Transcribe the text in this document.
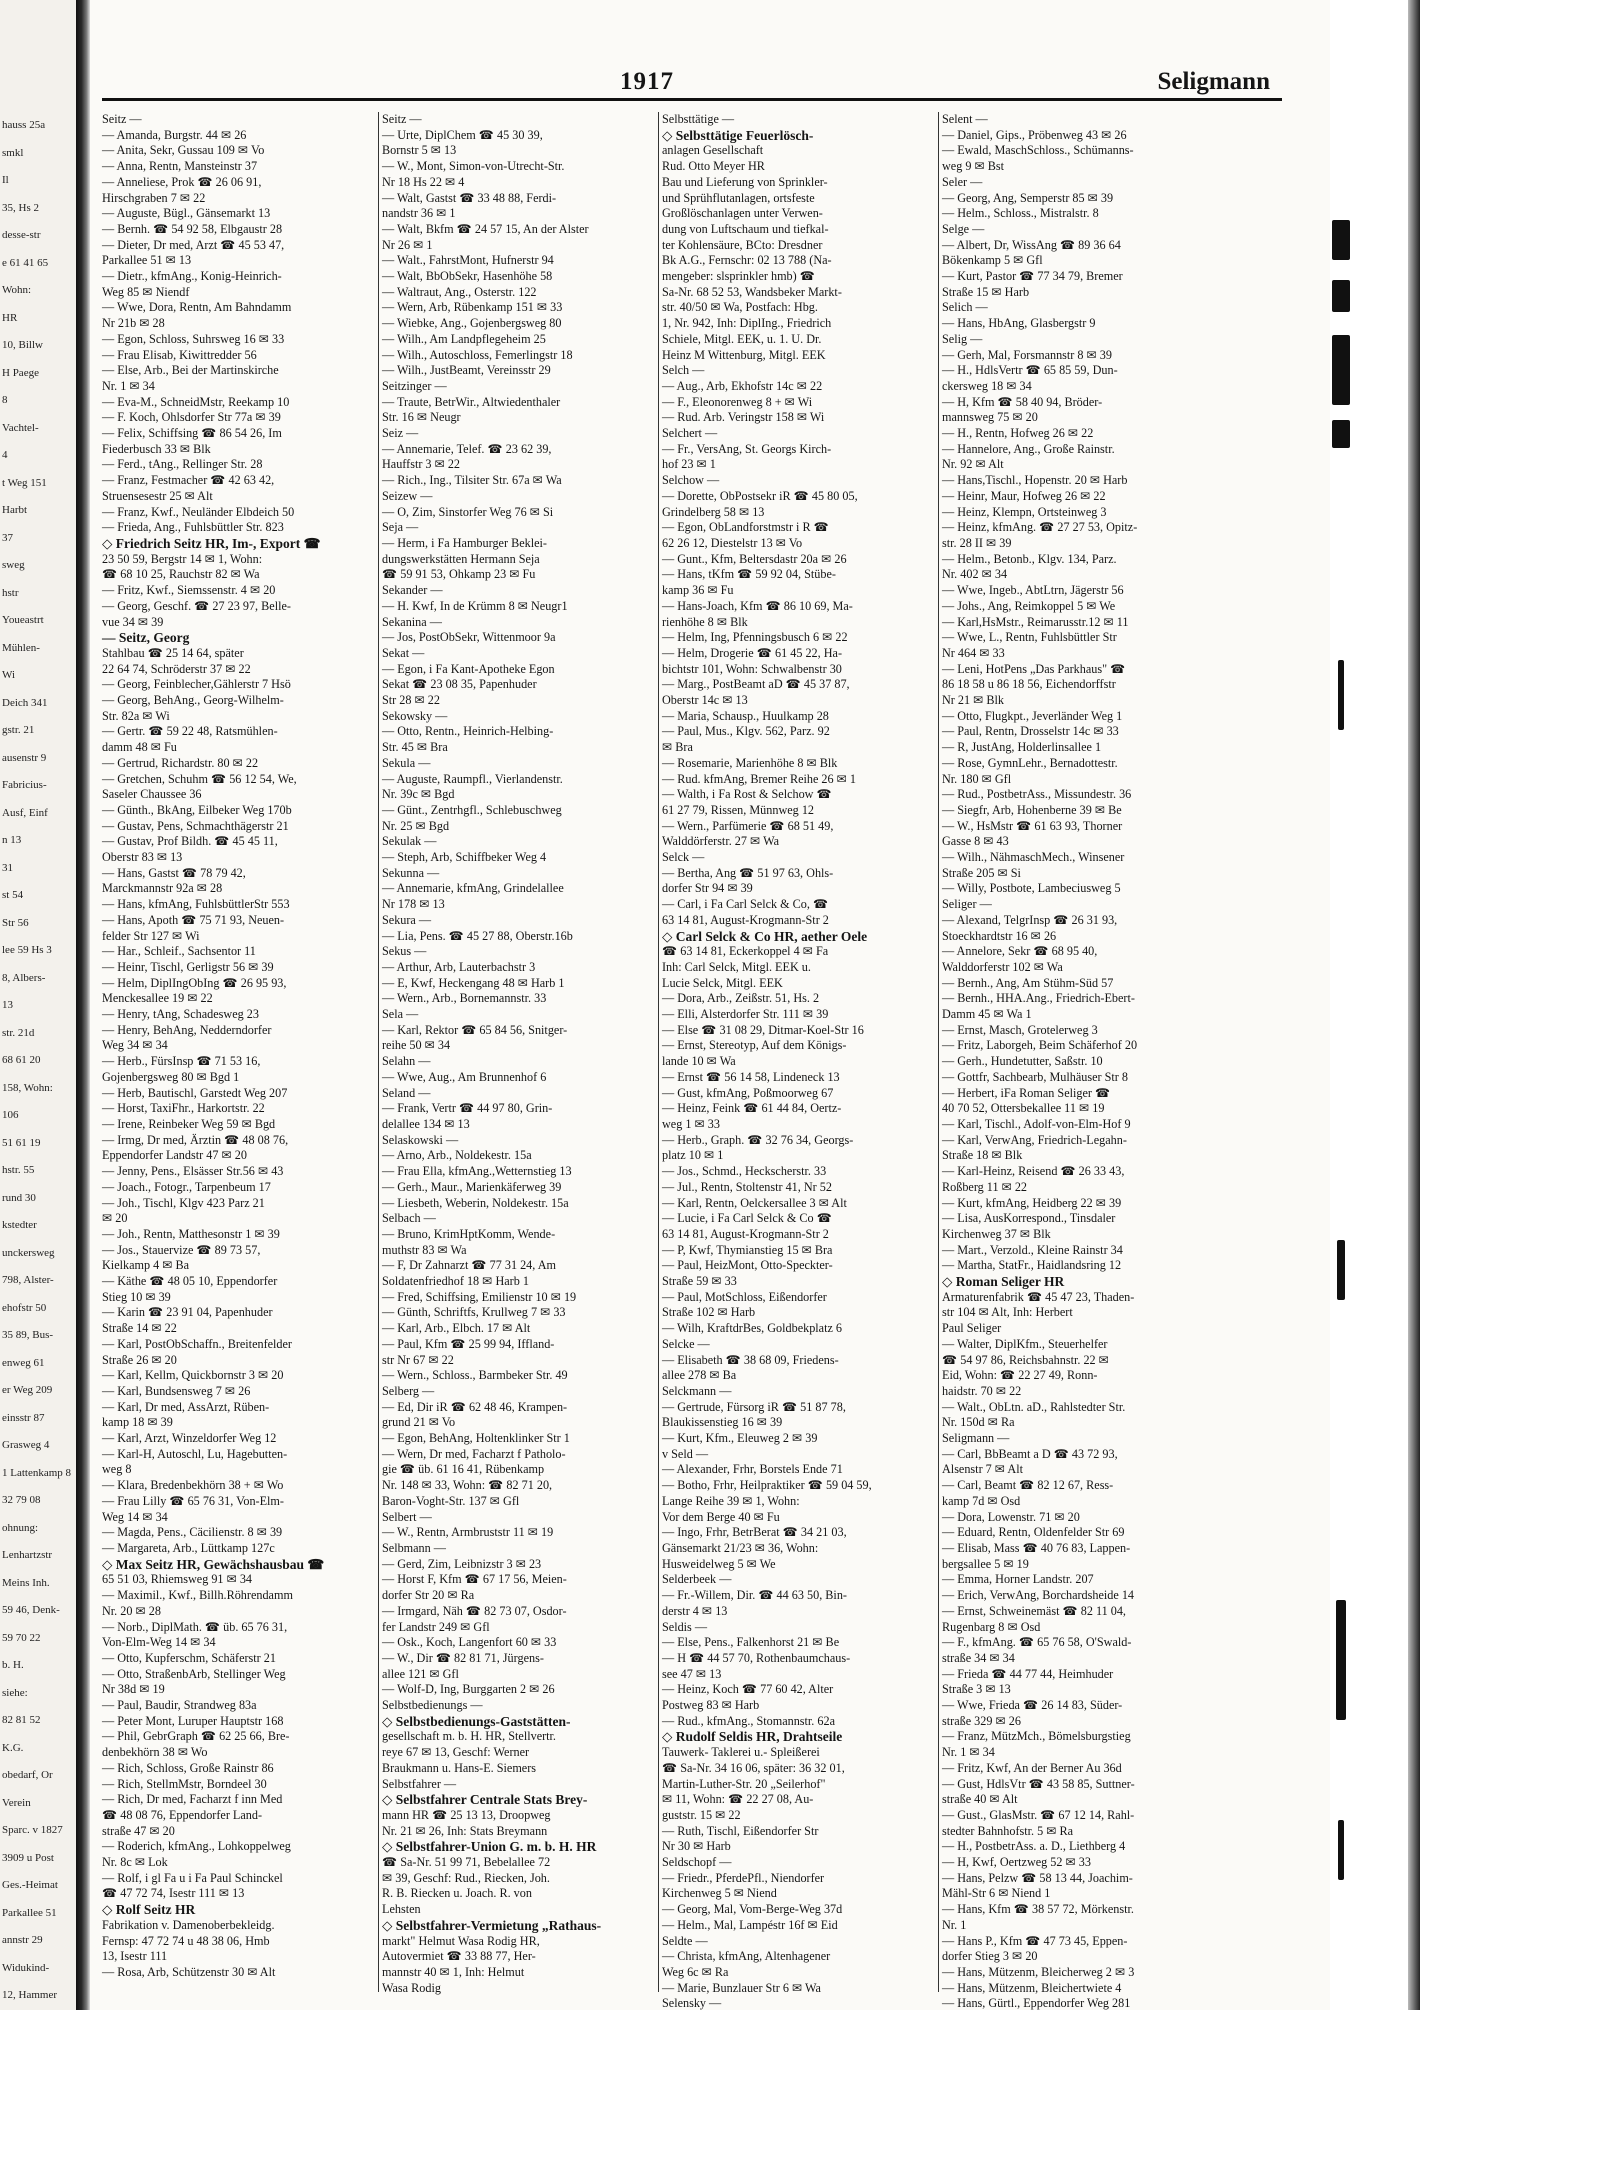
hauss 25a
smkl
Il
35, Hs 2
desse-str
e 61 41 65
Wohn:
HR
10, Billw
H Paege
8
Vachtel-
4
t Weg 151
Harbt
37
sweg
hstr
Youeastrt
Mühlen-
Wi
Deich 341
gstr. 21
ausenstr 9
Fabricius-
Ausf, Einf
n 13
31
st 54
Str 56
lee 59 Hs 3
8, Albers-
13
str. 21d
68 61 20
158, Wohn:
106
51 61 19
hstr. 55
rund 30
kstedter
unckersweg
798, Alster-
ehofstr 50
35 89, Bus-
enweg 61
er Weg 209
einsstr 87
Grasweg 4
1 Lattenkamp 8
32 79 08
ohnung:
Lenhartzstr
Meins Inh.
59 46, Denk-
59 70 22
b. H.
siehe:
82 81 52
K.G.
obedarf, Or
Verein
Sparc. v 1827
3909 u Post
Ges.-Heimat
Parkallee 51
annstr 29
Widukind-
12, Hammer
1917	Seligmann
Seitz —
— Amanda, Burgstr. 44 ✉ 26
— Anita, Sekr, Gussau 109 ✉ Vo
— Anna, Rentn, Mansteinstr 37
— Anneliese, Prok ☎ 26 06 91,
Hirschgraben 7 ✉ 22
— Auguste, Bügl., Gänsemarkt 13
— Bernh. ☎ 54 92 58, Elbgaustr 28
— Dieter, Dr med, Arzt ☎ 45 53 47,
Parkallee 51 ✉ 13
— Dietr., kfmAng., Konig-Heinrich-
Weg 85 ✉ Niendf
— Wwe, Dora, Rentn, Am Bahndamm
Nr 21b ✉ 28
— Egon, Schloss, Suhrsweg 16 ✉ 33
— Frau Elisab, Kiwittredder 56
— Else, Arb., Bei der Martinskirche
Nr. 1 ✉ 34
— Eva-M., SchneidMstr, Reekamp 10
— F. Koch, Ohlsdorfer Str 77a ✉ 39
— Felix, Schiffsing ☎ 86 54 26, Im
Fiederbusch 33 ✉ Blk
— Ferd., tAng., Rellinger Str. 28
— Franz, Festmacher ☎ 42 63 42,
Struensesestr 25 ✉ Alt
— Franz, Kwf., Neuländer Elbdeich 50
— Frieda, Ang., Fuhlsbüttler Str. 823
◇ Friedrich Seitz HR, Im-, Export ☎
23 50 59, Bergstr 14 ✉ 1, Wohn:
☎ 68 10 25, Rauchstr 82 ✉ Wa
— Fritz, Kwf., Siemssenstr. 4 ✉ 20
— Georg, Geschf. ☎ 27 23 97, Belle-
vue 34 ✉ 39
— Seitz, Georg
Stahlbau ☎ 25 14 64, später
22 64 74, Schröderstr 37 ✉ 22
— Georg, Feinblecher,Gählerstr 7 Hsö
— Georg, BehAng., Georg-Wilhelm-
Str. 82a ✉ Wi
— Gertr. ☎ 59 22 48, Ratsmühlen-
damm 48 ✉ Fu
— Gertrud, Richardstr. 80 ✉ 22
— Gretchen, Schuhm ☎ 56 12 54, We,
Saseler Chaussee 36
— Günth., BkAng, Eilbeker Weg 170b
— Gustav, Pens, Schmachthägerstr 21
— Gustav, Prof Bildh. ☎ 45 45 11,
Oberstr 83 ✉ 13
— Hans, Gastst ☎ 78 79 42,
Marckmannstr 92a ✉ 28
— Hans, kfmAng, FuhlsbüttlerStr 553
— Hans, Apoth ☎ 75 71 93, Neuen-
felder Str 127 ✉ Wi
— Har., Schleif., Sachsentor 11
— Heinr, Tischl, Gerligstr 56 ✉ 39
— Helm, DiplIngObIng ☎ 26 95 93,
Menckesallee 19 ✉ 22
— Henry, tAng, Schadesweg 23
— Henry, BehAng, Nedderndorfer
Weg 34 ✉ 34
— Herb., FürsInsp ☎ 71 53 16,
Gojenbergsweg 80 ✉ Bgd 1
— Herb, Bautischl, Garstedt Weg 207
— Horst, TaxiFhr., Harkortstr. 22
— Irene, Reinbeker Weg 59 ✉ Bgd
— Irmg, Dr med, Ärztin ☎ 48 08 76,
Eppendorfer Landstr 47 ✉ 20
— Jenny, Pens., Elsässer Str.56 ✉ 43
— Joach., Fotogr., Tarpenbeum 17
— Joh., Tischl, Klgv 423 Parz 21
✉ 20
— Joh., Rentn, Matthesonstr 1 ✉ 39
— Jos., Stauervize ☎ 89 73 57,
Kielkamp 4 ✉ Ba
— Käthe ☎ 48 05 10, Eppendorfer
Stieg 10 ✉ 39
— Karin ☎ 23 91 04, Papenhuder
Straße 14 ✉ 22
— Karl, PostObSchaffn., Breitenfelder
Straße 26 ✉ 20
— Karl, Kellm, Quickbornstr 3 ✉ 20
— Karl, Bundsensweg 7 ✉ 26
— Karl, Dr med, AssArzt, Rüben-
kamp 18 ✉ 39
— Karl, Arzt, Winzeldorfer Weg 12
— Karl-H, Autoschl, Lu, Hagebutten-
weg 8
— Klara, Bredenbekhörn 38 + ✉ Wo
— Frau Lilly ☎ 65 76 31, Von-Elm-
Weg 14 ✉ 34
— Magda, Pens., Cäcilienstr. 8 ✉ 39
— Margareta, Arb., Lüttkamp 127c
◇ Max Seitz HR, Gewächshausbau ☎
65 51 03, Rhiemsweg 91 ✉ 34
— Maximil., Kwf., Billh.Röhrendamm
Nr. 20 ✉ 28
— Norb., DiplMath. ☎ üb. 65 76 31,
Von-Elm-Weg 14 ✉ 34
— Otto, Kupferschm, Schäferstr 21
— Otto, StraßenbArb, Stellinger Weg
Nr 38d ✉ 19
— Paul, Baudir, Strandweg 83a
— Peter Mont, Luruper Hauptstr 168
— Phil, GebrGraph ☎ 62 25 66, Bre-
denbekhörn 38 ✉ Wo
— Rich, Schloss, Große Rainstr 86
— Rich, StellmMstr, Borndeel 30
— Rich, Dr med, Facharzt f inn Med
☎ 48 08 76, Eppendorfer Land-
straße 47 ✉ 20
— Roderich, kfmAng., Lohkoppelweg
Nr. 8c ✉ Lok
— Rolf, i gl Fa u i Fa Paul Schinckel
☎ 47 72 74, Isestr 111 ✉ 13
◇ Rolf Seitz HR
Fabrikation v. Damenoberbekleidg.
Fernsp: 47 72 74 u 48 38 06, Hmb
13, Isestr 111
— Rosa, Arb, Schützenstr 30 ✉ Alt
Seitz —
— Urte, DiplChem ☎ 45 30 39,
Bornstr 5 ✉ 13
— W., Mont, Simon-von-Utrecht-Str.
Nr 18 Hs 22 ✉ 4
— Walt, Gastst ☎ 33 48 88, Ferdi-
nandstr 36 ✉ 1
— Walt, Bkfm ☎ 24 57 15, An der Alster
Nr 26 ✉ 1
— Walt., FahrstMont, Hufnerstr 94
— Walt, BbObSekr, Hasenhöhe 58
— Waltraut, Ang., Osterstr. 122
— Wern, Arb, Rübenkamp 151 ✉ 33
— Wiebke, Ang., Gojenbergsweg 80
— Wilh., Am Landpflegeheim 25
— Wilh., Autoschloss, Femerlingstr 18
— Wilh., JustBeamt, Vereinsstr 29
Seitzinger —
— Traute, BetrWir., Altwiedenthaler
Str. 16 ✉ Neugr
Seiz —
— Annemarie, Telef. ☎ 23 62 39,
Hauffstr 3 ✉ 22
— Rich., Ing., Tilsiter Str. 67a ✉ Wa
Seizew —
— O, Zim, Sinstorfer Weg 76 ✉ Si
Seja —
— Herm, i Fa Hamburger Beklei-
dungswerkstätten Hermann Seja
☎ 59 91 53, Ohkamp 23 ✉ Fu
Sekander —
— H. Kwf, In de Krümm 8 ✉ Neugr1
Sekanina —
— Jos, PostObSekr, Wittenmoor 9a
Sekat —
— Egon, i Fa Kant-Apotheke Egon
Sekat ☎ 23 08 35, Papenhuder
Str 28 ✉ 22
Sekowsky —
— Otto, Rentn., Heinrich-Helbing-
Str. 45 ✉ Bra
Sekula —
— Auguste, Raumpfl., Vierlandenstr.
Nr. 39c ✉ Bgd
— Günt., Zentrhgfl., Schlebuschweg
Nr. 25 ✉ Bgd
Sekulak —
— Steph, Arb, Schiffbeker Weg 4
Sekunna —
— Annemarie, kfmAng, Grindelallee
Nr 178 ✉ 13
Sekura —
— Lia, Pens. ☎ 45 27 88, Oberstr.16b
Sekus —
— Arthur, Arb, Lauterbachstr 3
— E, Kwf, Heckengang 48 ✉ Harb 1
— Wern., Arb., Bornemannstr. 33
Sela —
— Karl, Rektor ☎ 65 84 56, Snitger-
reihe 50 ✉ 34
Selahn —
— Wwe, Aug., Am Brunnenhof 6
Seland —
— Frank, Vertr ☎ 44 97 80, Grin-
delallee 134 ✉ 13
Selaskowski —
— Arno, Arb., Noldekestr. 15a
— Frau Ella, kfmAng.,Wetternstieg 13
— Gerh., Maur., Marienkäferweg 39
— Liesbeth, Weberin, Noldekestr. 15a
Selbach —
— Bruno, KrimHptKomm, Wende-
muthstr 83 ✉ Wa
— F, Dr Zahnarzt ☎ 77 31 24, Am
Soldatenfriedhof 18 ✉ Harb 1
— Fred, Schiffsing, Emilienstr 10 ✉ 19
— Günth, Schriftfs, Krullweg 7 ✉ 33
— Karl, Arb., Elbch. 17 ✉ Alt
— Paul, Kfm ☎ 25 99 94, Iffland-
str Nr 67 ✉ 22
— Wern., Schloss., Barmbeker Str. 49
Selberg —
— Ed, Dir iR ☎ 62 48 46, Krampen-
grund 21 ✉ Vo
— Egon, BehAng, Holtenklinker Str 1
— Wern, Dr med, Facharzt f Patholo-
gie ☎ üb. 61 16 41, Rübenkamp
Nr. 148 ✉ 33, Wohn: ☎ 82 71 20,
Baron-Voght-Str. 137 ✉ Gfl
Selbert —
— W., Rentn, Armbruststr 11 ✉ 19
Selbmann —
— Gerd, Zim, Leibnizstr 3 ✉ 23
— Horst F, Kfm ☎ 67 17 56, Meien-
dorfer Str 20 ✉ Ra
— Irmgard, Näh ☎ 82 73 07, Osdor-
fer Landstr 249 ✉ Gfl
— Osk., Koch, Langenfort 60 ✉ 33
— W., Dir ☎ 82 81 71, Jürgens-
allee 121 ✉ Gfl
— Wolf-D, Ing, Burggarten 2 ✉ 26
Selbstbedienungs —
◇ Selbstbedienungs-Gaststätten-
gesellschaft m. b. H. HR, Stellvertr.
reye 67 ✉ 13, Geschf: Werner
Braukmann u. Hans-E. Siemers
Selbstfahrer —
◇ Selbstfahrer Centrale Stats Brey-
mann HR ☎ 25 13 13, Droopweg
Nr. 21 ✉ 26, Inh: Stats Breymann
◇ Selbstfahrer-Union G. m. b. H. HR
☎ Sa-Nr. 51 99 71, Bebelallee 72
✉ 39, Geschf: Rud., Riecken, Joh.
R. B. Riecken u. Joach. R. von
Lehsten
◇ Selbstfahrer-Vermietung „Rathaus-
markt" Helmut Wasa Rodig HR,
Autovermiet ☎ 33 88 77, Her-
mannstr 40 ✉ 1, Inh: Helmut
Wasa Rodig
Selbsttätige —
◇ Selbsttätige Feuerlösch-
anlagen Gesellschaft
Rud. Otto Meyer HR
Bau und Lieferung von Sprinkler-
und Sprühflutanlagen, ortsfeste
Großlöschanlagen unter Verwen-
dung von Luftschaum und tiefkal-
ter Kohlensäure, BCto: Dresdner
Bk A.G., Fernschr: 02 13 788 (Na-
mengeber: slsprinkler hmb) ☎
Sa-Nr. 68 52 53, Wandsbeker Markt-
str. 40/50 ✉ Wa, Postfach: Hbg.
1, Nr. 942, Inh: DiplIng., Friedrich
Schiele, Mitgl. EEK, u. 1. U. Dr.
Heinz M Wittenburg, Mitgl. EEK
Selch —
— Aug., Arb, Ekhofstr 14c ✉ 22
— F., Eleonorenweg 8 + ✉ Wi
— Rud. Arb. Veringstr 158 ✉ Wi
Selchert —
— Fr., VersAng, St. Georgs Kirch-
hof 23 ✉ 1
Selchow —
— Dorette, ObPostsekr iR ☎ 45 80 05,
Grindelberg 58 ✉ 13
— Egon, ObLandforstmstr i R ☎
62 26 12, Diestelstr 13 ✉ Vo
— Gunt., Kfm, Beltersdastr 20a ✉ 26
— Hans, tKfm ☎ 59 92 04, Stübe-
kamp 36 ✉ Fu
— Hans-Joach, Kfm ☎ 86 10 69, Ma-
rienhöhe 8 ✉ Blk
— Helm, Ing, Pfenningsbusch 6 ✉ 22
— Helm, Drogerie ☎ 61 45 22, Ha-
bichtstr 101, Wohn: Schwalbenstr 30
— Marg., PostBeamt aD ☎ 45 37 87,
Oberstr 14c ✉ 13
— Maria, Schausp., Huulkamp 28
— Paul, Mus., Klgv. 562, Parz. 92
✉ Bra
— Rosemarie, Marienhöhe 8 ✉ Blk
— Rud. kfmAng, Bremer Reihe 26 ✉ 1
— Walth, i Fa Rost & Selchow ☎
61 27 79, Rissen, Münnweg 12
— Wern., Parfümerie ☎ 68 51 49,
Walddörferstr. 27 ✉ Wa
Selck —
— Bertha, Ang ☎ 51 97 63, Ohls-
dorfer Str 94 ✉ 39
— Carl, i Fa Carl Selck & Co, ☎
63 14 81, August-Krogmann-Str 2
◇ Carl Selck & Co HR, aether Oele
☎ 63 14 81, Eckerkoppel 4 ✉ Fa
Inh: Carl Selck, Mitgl. EEK u.
Lucie Selck, Mitgl. EEK
— Dora, Arb., Zeißstr. 51, Hs. 2
— Elli, Alsterdorfer Str. 111 ✉ 39
— Else ☎ 31 08 29, Ditmar-Koel-Str 16
— Ernst, Stereotyp, Auf dem Königs-
lande 10 ✉ Wa
— Ernst ☎ 56 14 58, Lindeneck 13
— Gust, kfmAng, Poßmoorweg 67
— Heinz, Feink ☎ 61 44 84, Oertz-
weg 1 ✉ 33
— Herb., Graph. ☎ 32 76 34, Georgs-
platz 10 ✉ 1
— Jos., Schmd., Heckscherstr. 33
— Jul., Rentn, Stoltenstr 41, Nr 52
— Karl, Rentn, Oelckersallee 3 ✉ Alt
— Lucie, i Fa Carl Selck & Co ☎
63 14 81, August-Krogmann-Str 2
— P, Kwf, Thymianstieg 15 ✉ Bra
— Paul, HeizMont, Otto-Speckter-
Straße 59 ✉ 33
— Paul, MotSchloss, Eißendorfer
Straße 102 ✉ Harb
— Wilh, KraftdrBes, Goldbekplatz 6
Selcke —
— Elisabeth ☎ 38 68 09, Friedens-
allee 278 ✉ Ba
Selckmann —
— Gertrude, Fürsorg iR ☎ 51 87 78,
Blaukissenstieg 16 ✉ 39
— Kurt, Kfm., Eleuweg 2 ✉ 39
v Seld —
— Alexander, Frhr, Borstels Ende 71
— Botho, Frhr, Heilpraktiker ☎ 59 04 59,
Lange Reihe 39 ✉ 1, Wohn:
Vor dem Berge 40 ✉ Fu
— Ingo, Frhr, BetrBerat ☎ 34 21 03,
Gänsemarkt 21/23 ✉ 36, Wohn:
Husweidelweg 5 ✉ We
Selderbeek —
— Fr.-Willem, Dir. ☎ 44 63 50, Bin-
derstr 4 ✉ 13
Seldis —
— Else, Pens., Falkenhorst 21 ✉ Be
— H ☎ 44 57 70, Rothenbaumchaus-
see 47 ✉ 13
— Heinz, Koch ☎ 77 60 42, Alter
Postweg 83 ✉ Harb
— Rud., kfmAng., Stomannstr. 62a
◇ Rudolf Seldis HR, Drahtseile
Tauwerk- Taklerei u.- Spleißerei
☎ Sa-Nr. 34 16 06, später: 36 32 01,
Martin-Luther-Str. 20 „Seilerhof"
✉ 11, Wohn: ☎ 22 27 08, Au-
guststr. 15 ✉ 22
— Ruth, Tischl, Eißendorfer Str
Nr 30 ✉ Harb
Seldschopf —
— Friedr., PferdePfl., Niendorfer
Kirchenweg 5 ✉ Niend
— Georg, Mal, Vom-Berge-Weg 37d
— Helm., Mal, Lampéstr 16f ✉ Eid
Seldte —
— Christa, kfmAng, Altenhagener
Weg 6c ✉ Ra
— Marie, Bunzlauer Str 6 ✉ Wa
Selensky —
Selent —
— Daniel, Gips., Pröbenweg 43 ✉ 26
— Ewald, MaschSchloss., Schümanns-
weg 9 ✉ Bst
Seler —
— Georg, Ang, Semperstr 85 ✉ 39
— Helm., Schloss., Mistralstr. 8
Selge —
— Albert, Dr, WissAng ☎ 89 36 64
Bökenkamp 5 ✉ Gfl
— Kurt, Pastor ☎ 77 34 79, Bremer
Straße 15 ✉ Harb
Selich —
— Hans, HbAng, Glasbergstr 9
Selig —
— Gerh, Mal, Forsmannstr 8 ✉ 39
— H., HdlsVertr ☎ 65 85 59, Dun-
ckersweg 18 ✉ 34
— H, Kfm ☎ 58 40 94, Bröder-
mannsweg 75 ✉ 20
— H., Rentn, Hofweg 26 ✉ 22
— Hannelore, Ang., Große Rainstr.
Nr. 92 ✉ Alt
— Hans,Tischl., Hopenstr. 20 ✉ Harb
— Heinr, Maur, Hofweg 26 ✉ 22
— Heinz, Klempn, Ortsteinweg 3
— Heinz, kfmAng. ☎ 27 27 53, Opitz-
str. 28 II ✉ 39
— Helm., Betonb., Klgv. 134, Parz.
Nr. 402 ✉ 34
— Wwe, Ingeb., AbtLtrn, Jägerstr 56
— Johs., Ang, Reimkoppel 5 ✉ We
— Karl,HsMstr., Reimarusstr.12 ✉ 11
— Wwe, L., Rentn, Fuhlsbüttler Str
Nr 464 ✉ 33
— Leni, HotPens „Das Parkhaus" ☎
86 18 58 u 86 18 56, Eichendorffstr
Nr 21 ✉ Blk
— Otto, Flugkpt., Jeverländer Weg 1
— Paul, Rentn, Drosselstr 14c ✉ 33
— R, JustAng, Holderlinsallee 1
— Rose, GymnLehr., Bernadottestr.
Nr. 180 ✉ Gfl
— Rud., PostbetrAss., Missundestr. 36
— Siegfr, Arb, Hohenberne 39 ✉ Be
— W., HsMstr ☎ 61 63 93, Thorner
Gasse 8 ✉ 43
— Wilh., NähmaschMech., Winsener
Straße 205 ✉ Si
— Willy, Postbote, Lambeciusweg 5
Seliger —
— Alexand, TelgrInsp ☎ 26 31 93,
Stoeckhardtstr 16 ✉ 26
— Annelore, Sekr ☎ 68 95 40,
Walddorferstr 102 ✉ Wa
— Bernh., Ang, Am Stühm-Süd 57
— Bernh., HHA.Ang., Friedrich-Ebert-
Damm 45 ✉ Wa 1
— Ernst, Masch, Grotelerweg 3
— Fritz, Laborgeh, Beim Schäferhof 20
— Gerh., Hundetutter, Saßstr. 10
— Gottfr, Sachbearb, Mulhäuser Str 8
— Herbert, iFa Roman Seliger ☎
40 70 52, Ottersbekallee 11 ✉ 19
— Karl, Tischl., Adolf-von-Elm-Hof 9
— Karl, VerwAng, Friedrich-Legahn-
Straße 18 ✉ Blk
— Karl-Heinz, Reisend ☎ 26 33 43,
Roßberg 11 ✉ 22
— Kurt, kfmAng, Heidberg 22 ✉ 39
— Lisa, AusKorrespond., Tinsdaler
Kirchenweg 37 ✉ Blk
— Mart., Verzold., Kleine Rainstr 34
— Martha, StatFr., Haidlandsring 12
◇ Roman Seliger HR
Armaturenfabrik ☎ 45 47 23, Thaden-
str 104 ✉ Alt, Inh: Herbert
Paul Seliger
— Walter, DiplKfm., Steuerhelfer
☎ 54 97 86, Reichsbahnstr. 22 ✉
Eid, Wohn: ☎ 22 27 49, Ronn-
haidstr. 70 ✉ 22
— Walt., ObLtn. aD., Rahlstedter Str.
Nr. 150d ✉ Ra
Seligmann —
— Carl, BbBeamt a D ☎ 43 72 93,
Alsenstr 7 ✉ Alt
— Carl, Beamt ☎ 82 12 67, Ress-
kamp 7d ✉ Osd
— Dora, Lowenstr. 71 ✉ 20
— Eduard, Rentn, Oldenfelder Str 69
— Elisab, Mass ☎ 40 76 83, Lappen-
bergsallee 5 ✉ 19
— Emma, Horner Landstr. 207
— Erich, VerwAng, Borchardsheide 14
— Ernst, Schweinemäst ☎ 82 11 04,
Rugenbarg 8 ✉ Osd
— F., kfmAng. ☎ 65 76 58, O'Swald-
straße 34 ✉ 34
— Frieda ☎ 44 77 44, Heimhuder
Straße 3 ✉ 13
— Wwe, Frieda ☎ 26 14 83, Süder-
straße 329 ✉ 26
— Franz, MützMch., Bömelsburgstieg
Nr. 1 ✉ 34
— Fritz, Kwf, An der Berner Au 36d
— Gust, HdlsVtr ☎ 43 58 85, Suttner-
straße 40 ✉ Alt
— Gust., GlasMstr. ☎ 67 12 14, Rahl-
stedter Bahnhofstr. 5 ✉ Ra
— H., PostbetrAss. a. D., Liethberg 4
— H, Kwf, Oertzweg 52 ✉ 33
— Hans, Pelzw ☎ 58 13 44, Joachim-
Mähl-Str 6 ✉ Niend 1
— Hans, Kfm ☎ 38 57 72, Mörkenstr.
Nr. 1
— Hans P., Kfm ☎ 47 73 45, Eppen-
dorfer Stieg 3 ✉ 20
— Hans, Mützenm, Bleicherweg 2 ✉ 3
— Hans, Mützenm, Bleichertwiete 4
— Hans, Gürtl., Eppendorfer Weg 281
